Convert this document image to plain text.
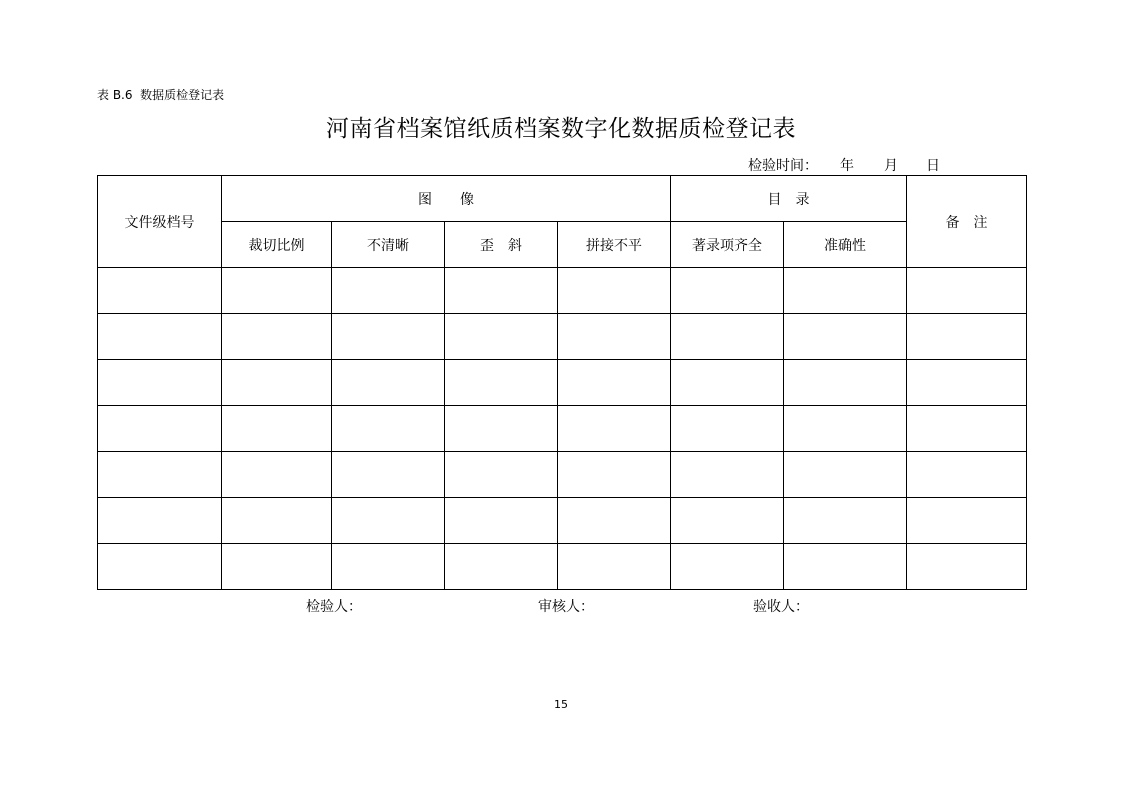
表 B.6  数据质检登记表
河南省档案馆纸质档案数字化数据质检登记表
检验时间： 年 月 日
文件级档号	图　　像				目　录		备　注
	裁切比例	不清晰	歪　斜	拼接不平	著录项齐全	准确性	

检验人：	审核人：	验收人：
15
